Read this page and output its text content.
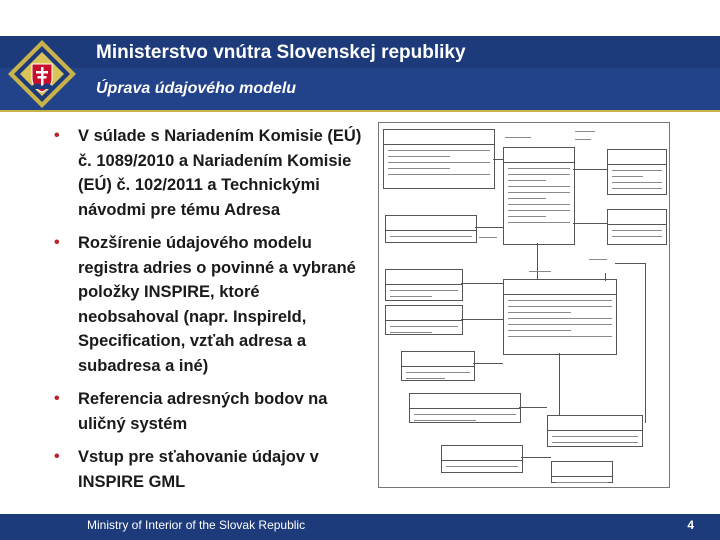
Ministerstvo vnútra Slovenskej republiky
Úprava údajového modelu
• V súlade s Nariadením Komisie (EÚ) č. 1089/2010 a Nariadením Komisie (EÚ) č. 102/2011 a Technickými návodmi pre tému Adresa
• Rozšírenie údajového modelu registra adries o povinné a vybrané položky INSPIRE, ktoré neobsahoval (napr. InspireId, Specification, vzťah adresa a subadresa a iné)
• Referencia adresných bodov na uličný systém
• Vstup pre sťahovanie údajov v INSPIRE GML
Ministry of Interior of the Slovak Republic	4
